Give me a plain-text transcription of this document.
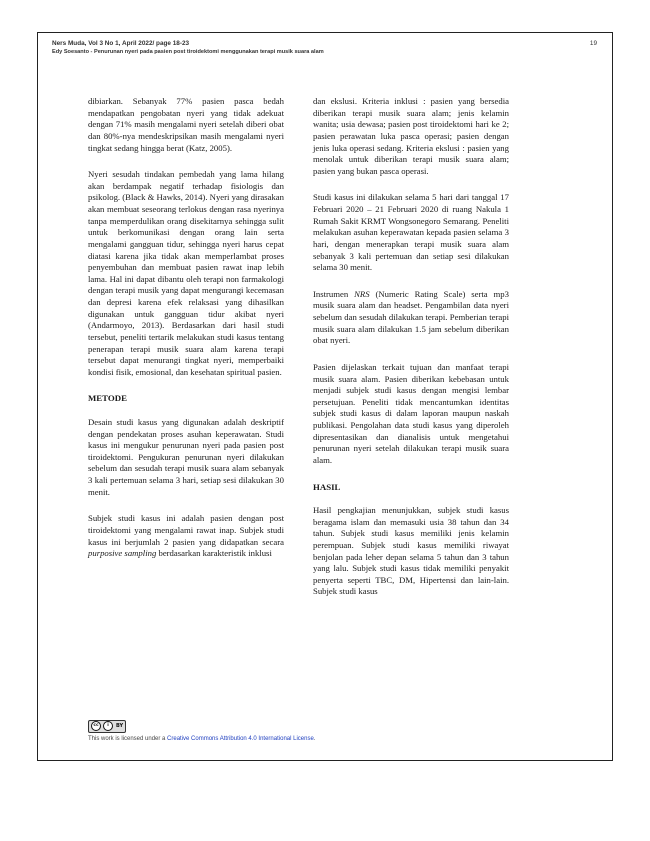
Ners Muda, Vol 3 No 1, April 2022/ page 18-23
Edy Soesanto - Penurunan nyeri pada pasien post tiroidektomi menggunakan terapi musik suara alam
19

dibiarkan. Sebanyak 77% pasien pasca bedah mendapatkan pengobatan nyeri yang tidak adekuat dengan 71% masih mengalami nyeri setelah diberi obat dan 80%-nya mendeskripsikan masih mengalami nyeri tingkat sedang hingga berat (Katz, 2005).

Nyeri sesudah tindakan pembedah yang lama hilang akan berdampak negatif terhadap fisiologis dan psikolog. (Black & Hawks, 2014). Nyeri yang dirasakan akan membuat seseorang terlokus dengan rasa nyerinya tanpa memperdulikan orang disekitarnya sehingga sulit untuk berkomunikasi dengan orang lain serta mengalami gangguan tidur, sehingga nyeri harus cepat diatasi karena jika tidak akan memperlambat proses penyembuhan dan membuat pasien rawat inap lebih lama. Hal ini dapat dibantu oleh terapi non farmakologi dengan terapi musik yang dapat mengurangi kecemasan dan depresi karena efek relaksasi yang dihasilkan digunakan untuk gangguan tidur akibat nyeri (Andarmoyo, 2013). Berdasarkan dari hasil studi tersebut, peneliti tertarik melakukan studi kasus tentang penerapan terapi musik suara alam karena terapi tersebut dapat menurangi tingkat nyeri, memperbaiki kondisi fisik, emosional, dan kesehatan spiritual pasien.

METODE

Desain studi kasus yang digunakan adalah deskriptif dengan pendekatan proses asuhan keperawatan. Studi kasus ini mengukur penurunan nyeri pada pasien post tiroidektomi. Pengukuran penurunan nyeri dilakukan sebelum dan sesudah terapi musik suara alam sebanyak 3 kali pertemuan selama 3 hari, setiap sesi dilakukan 30 menit.

Subjek studi kasus ini adalah pasien dengan post tiroidektomi yang mengalami rawat inap. Subjek studi kasus ini berjumlah 2 pasien yang didapatkan secara purposive sampling berdasarkan karakteristik inklusi

dan ekslusi. Kriteria inklusi : pasien yang bersedia diberikan terapi musik suara alam; jenis kelamin wanita; usia dewasa; pasien post tiroidektomi hari ke 2; pasien perawatan luka pasca operasi; pasien dengan jenis luka operasi sedang. Kriteria ekslusi : pasien yang menolak untuk diberikan terapi musik suara alam; pasien yang bukan pasca operasi.

Studi kasus ini dilakukan selama 5 hari dari tanggal 17 Februari 2020 – 21 Februari 2020 di ruang Nakula 1 Rumah Sakit KRMT Wongsonegoro Semarang. Peneliti melakukan asuhan keperawatan kepada pasien selama 3 hari, dengan menerapkan terapi musik suara alam sebanyak 3 kali pertemuan dan setiap sesi dilakukan selama 30 menit.

Instrumen NRS (Numeric Rating Scale) serta mp3 musik suara alam dan headset. Pengambilan data nyeri sebelum dan sesudah dilakukan terapi. Pemberian terapi musik suara alam dilakukan 1.5 jam sebelum diberikan obat nyeri.

Pasien dijelaskan terkait tujuan dan manfaat terapi musik suara alam. Pasien diberikan kebebasan untuk menjadi subjek studi kasus dengan mengisi lembar persetujuan. Peneliti tidak mencantumkan identitas subjek studi kasus di dalam laporan maupun naskah publikasi. Pengolahan data studi kasus yang diperoleh dipresentasikan dan dianalisis untuk mengetahui penurunan nyeri setelah dilakukan terapi musik suara alam.

HASIL

Hasil pengkajian menunjukkan, subjek studi kasus beragama islam dan memasuki usia 38 tahun dan 34 tahun. Subjek studi kasus memiliki jenis kelamin perempuan. Subjek studi kasus memiliki riwayat benjolan pada leher depan selama 5 tahun dan 3 tahun yang lalu. Subjek studi kasus tidak memiliki penyakit penyerta seperti TBC, DM, Hipertensi dan lain-lain. Subjek studi kasus

cc	i	BY
This work is licensed under a Creative Commons Attribution 4.0 International License.
